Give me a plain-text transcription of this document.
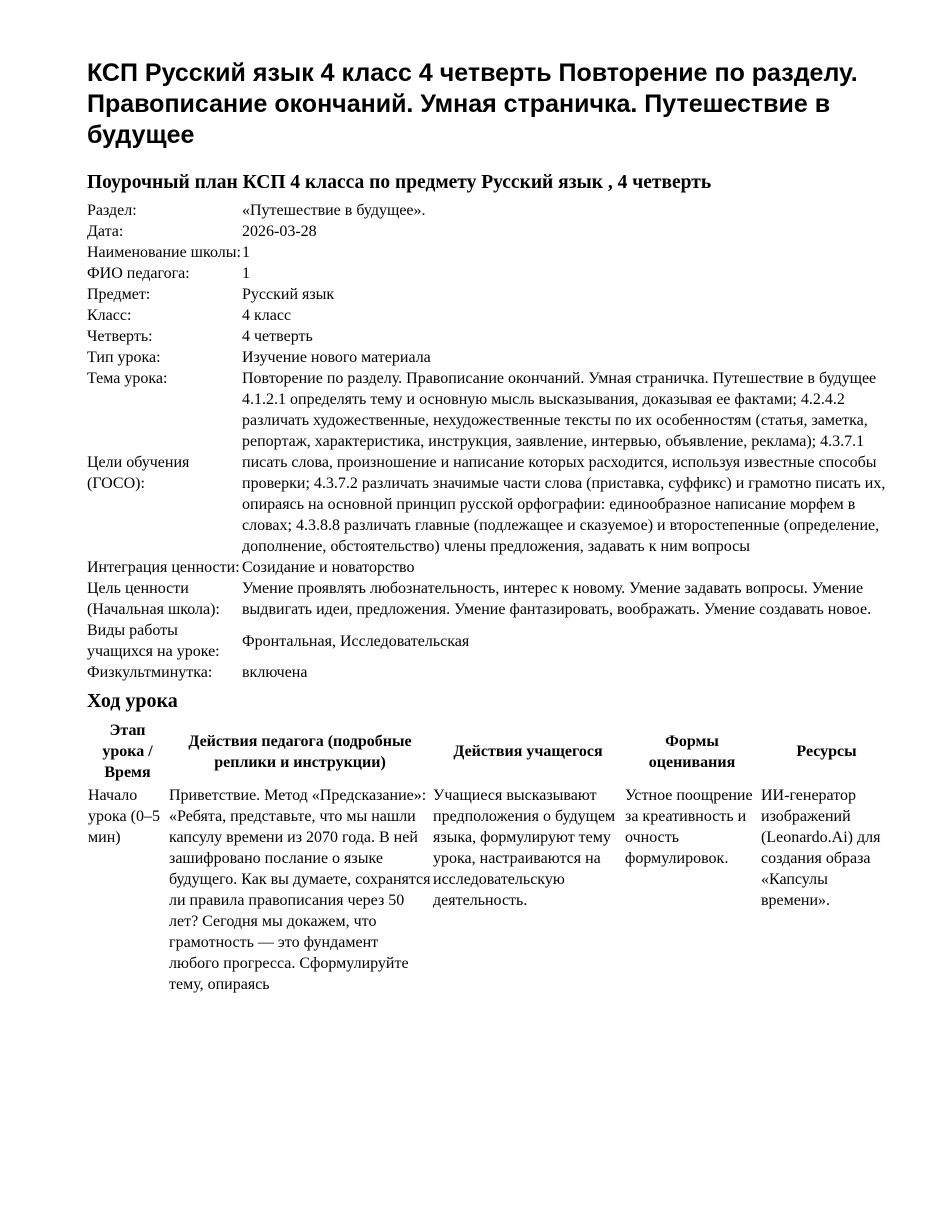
КСП Русский язык 4 класс 4 четверть Повторение по разделу. Правописание окончаний. Умная страничка. Путешествие в будущее
Поурочный план КСП 4 класса по предмету Русский язык , 4 четверть
Раздел:	«Путешествие в будущее».
Дата:	2026-03-28
Наименование школы:	1
ФИО педагога:	1
Предмет:	Русский язык
Класс:	4 класс
Четверть:	4 четверть
Тип урока:	Изучение нового материала
Тема урока:	Повторение по разделу. Правописание окончаний. Умная страничка. Путешествие в будущее
Цели обучения (ГОСО):	4.1.2.1 определять тему и основную мысль высказывания, доказывая ее фактами; 4.2.4.2 различать художественные, нехудожественные тексты по их особенностям (статья, заметка, репортаж, характеристика, инструкция, заявление, интервью, объявление, реклама); 4.3.7.1 писать слова, произношение и написание которых расходится, используя известные способы проверки; 4.3.7.2 различать значимые части слова (приставка, суффикс) и грамотно писать их, опираясь на основной принцип русской орфографии: единообразное написание морфем в словах; 4.3.8.8 различать главные (подлежащее и сказуемое) и второстепенные (определение, дополнение, обстоятельство) члены предложения, задавать к ним вопросы
Интеграция ценности:	Созидание и новаторство
Цель ценности (Начальная школа):	Умение проявлять любознательность, интерес к новому. Умение задавать вопросы. Умение выдвигать идеи, предложения. Умение фантазировать, воображать. Умение создавать новое.
Виды работы учащихся на уроке:	Фронтальная, Исследовательская
Физкультминутка:	включена
Ход урока
Этап урока / Время	Действия педагога (подробные реплики и инструкции)	Действия учащегося	Формы оценивания	Ресурсы
Начало урока (0–5 мин)	Приветствие. Метод «Предсказание»: «Ребята, представьте, что мы нашли капсулу времени из 2070 года. В ней зашифровано послание о языке будущего. Как вы думаете, сохранятся ли правила правописания через 50 лет? Сегодня мы докажем, что грамотность — это фундамент любого прогресса. Сформулируйте тему, опираясь	Учащиеся высказывают предположения о будущем языка, формулируют тему урока, настраиваются на исследовательскую деятельность.	Устное поощрение за креативность и очность формулировок.	ИИ-генератор изображений (Leonardo.Ai) для создания образа «Капсулы времени».
